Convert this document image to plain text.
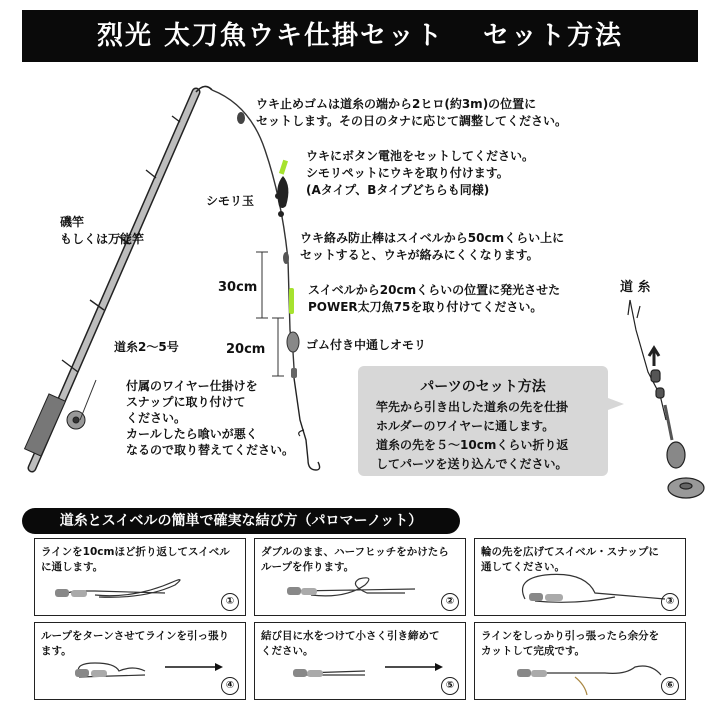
烈光 太刀魚ウキ仕掛セット　 セット方法
ウキ止めゴムは道糸の端から2ヒロ(約3m)の位置に
セットします。その日のタナに応じて調整してください。
ウキにボタン電池をセットしてください。
シモリペットにウキを取り付けます。
(Aタイプ、Bタイプどちらも同様)
ウキ絡み防止棒はスイベルから50cmくらい上に
セットすると、ウキが絡みにくくなります。
スイベルから20cmくらいの位置に発光させた
POWER太刀魚75を取り付けてください。
付属のワイヤー仕掛けを
スナップに取り付けて
ください。
カールしたら喰いが悪く
なるので取り替えてください。
シモリ玉
磯竿
もしくは万能竿
道糸2〜5号
30cm
20cm	ゴム付き中通しオモリ
道 糸
パーツのセット方法
竿先から引き出した道糸の先を仕掛
ホルダーのワイヤーに通します。
道糸の先を５～10cmくらい折り返
してパーツを送り込んでください。
道糸とスイベルの簡単で確実な結び方（パロマーノット）
ラインを10cmほど折り返してスイベル
に通します。
①
ダブルのまま、ハーフヒッチをかけたら
ループを作ります。
②
輪の先を広げてスイベル・スナップに
通してください。
③
ループをターンさせてラインを引っ張り
ます。
④
結び目に水をつけて小さく引き締めて
ください。
⑤
ラインをしっかり引っ張ったら余分を
カットして完成です。
⑥
